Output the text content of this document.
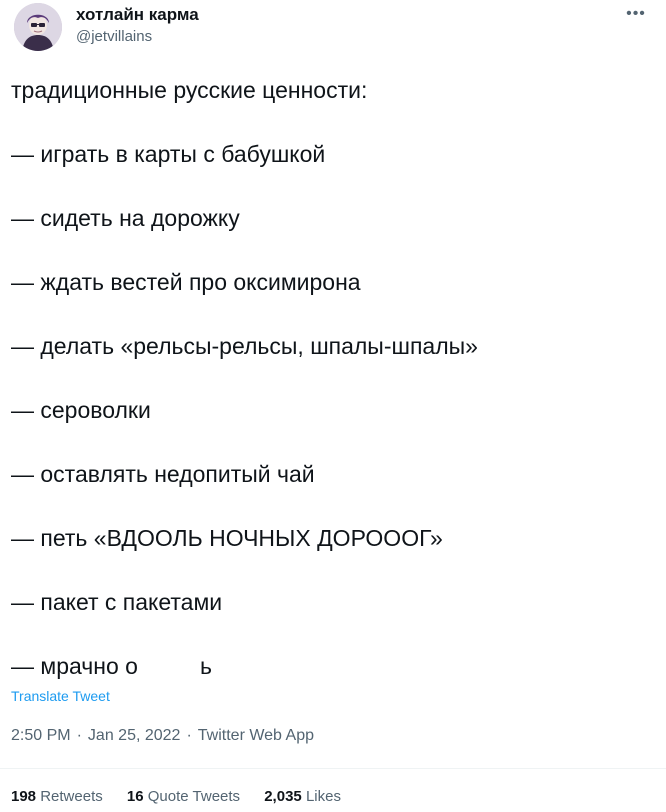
хотлайн карма
@jetvillains
•••
традиционные русские ценности:
— играть в карты с бабушкой
— сидеть на дорожку
— ждать вестей про оксимирона
— делать «рельсы-рельсы, шпалы-шпалы»
— сероволки
— оставлять недопитый чай
— петь «ВДООЛЬ НОЧНЫХ ДОРОООГ»
— пакет с пакетами
— мрачно о	ь
Translate Tweet
2:50 PM · Jan 25, 2022 · Twitter Web App
198 Retweets 16 Quote Tweets 2,035 Likes
